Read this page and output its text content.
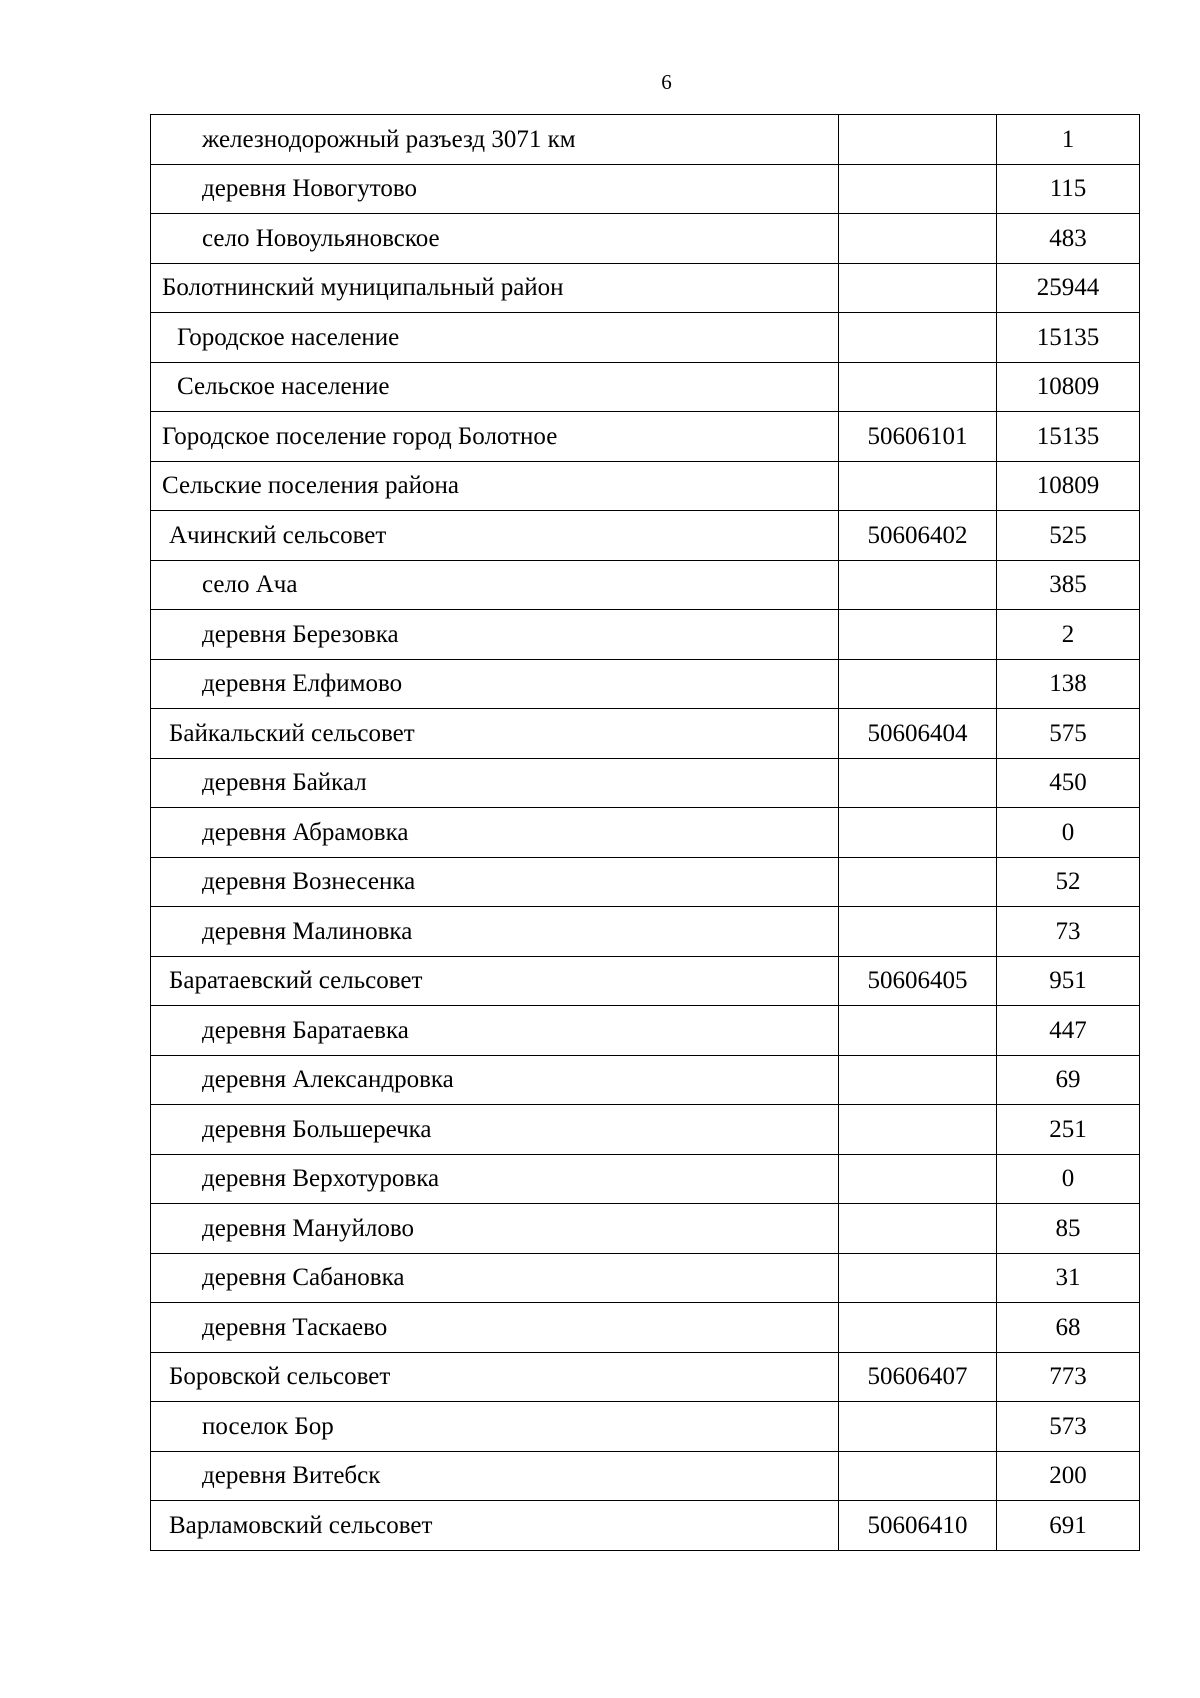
6
железнодорожный разъезд 3071 км		1
деревня Новогутово		115
село Новоульяновское		483
Болотнинский муниципальный район		25944
Городское население		15135
Сельское население		10809
Городское поселение город Болотное	50606101	15135
Сельские поселения района		10809
Ачинский сельсовет	50606402	525
село Ача		385
деревня Березовка		2
деревня Елфимово		138
Байкальский сельсовет	50606404	575
деревня Байкал		450
деревня Абрамовка		0
деревня Вознесенка		52
деревня Малиновка		73
Баратаевский сельсовет	50606405	951
деревня Баратаевка		447
деревня Александровка		69
деревня Большеречка		251
деревня Верхотуровка		0
деревня Мануйлово		85
деревня Сабановка		31
деревня Таскаево		68
Боровской сельсовет	50606407	773
поселок Бор		573
деревня Витебск		200
Варламовский сельсовет	50606410	691
